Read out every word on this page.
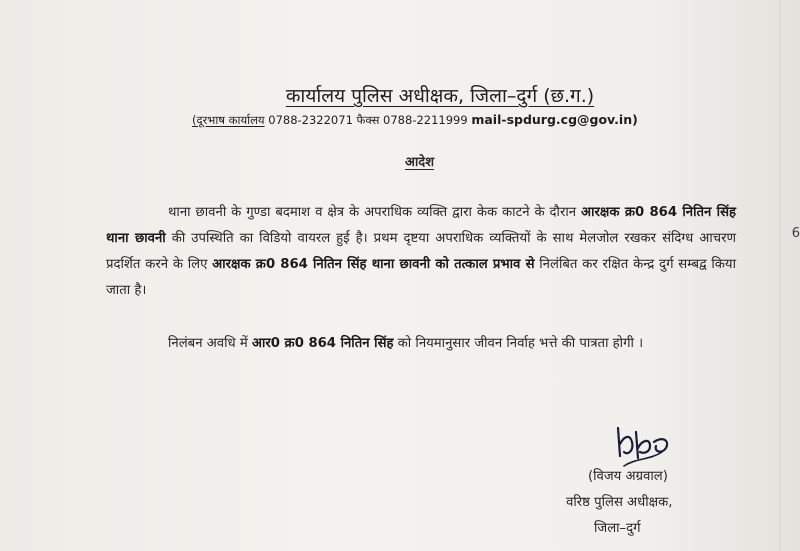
6
कार्यालय पुलिस अधीक्षक, जिला–दुर्ग (छ.ग.)
(दूरभाष कार्यालय 0788-2322071 फैक्स 0788-2211999 mail-spdurg.cg@gov.in)
आदेश
थाना छावनी के गुण्डा बदमाश व क्षेत्र के अपराधिक व्यक्ति द्वारा केक काटने के दौरान आरक्षक क्र0 864 नितिन सिंह थाना छावनी की उपस्थिति का विडियो वायरल हुई है। प्रथम दृष्टया अपराधिक व्यक्तियों के साथ मेलजोल रखकर संदिग्ध आचरण प्रदर्शित करने के लिए आरक्षक क्र0 864 नितिन सिंह थाना छावनी को तत्काल प्रभाव से निलंबित कर रक्षित केन्द्र दुर्ग सम्बद्व किया जाता है।
निलंबन अवधि में आर0 क्र0 864 नितिन सिंह को नियमानुसार जीवन निर्वाह भत्ते की पात्रता होगी ।
(विजय अग्रवाल)
वरिष्ठ पुलिस अधीक्षक,
जिला–दुर्ग
